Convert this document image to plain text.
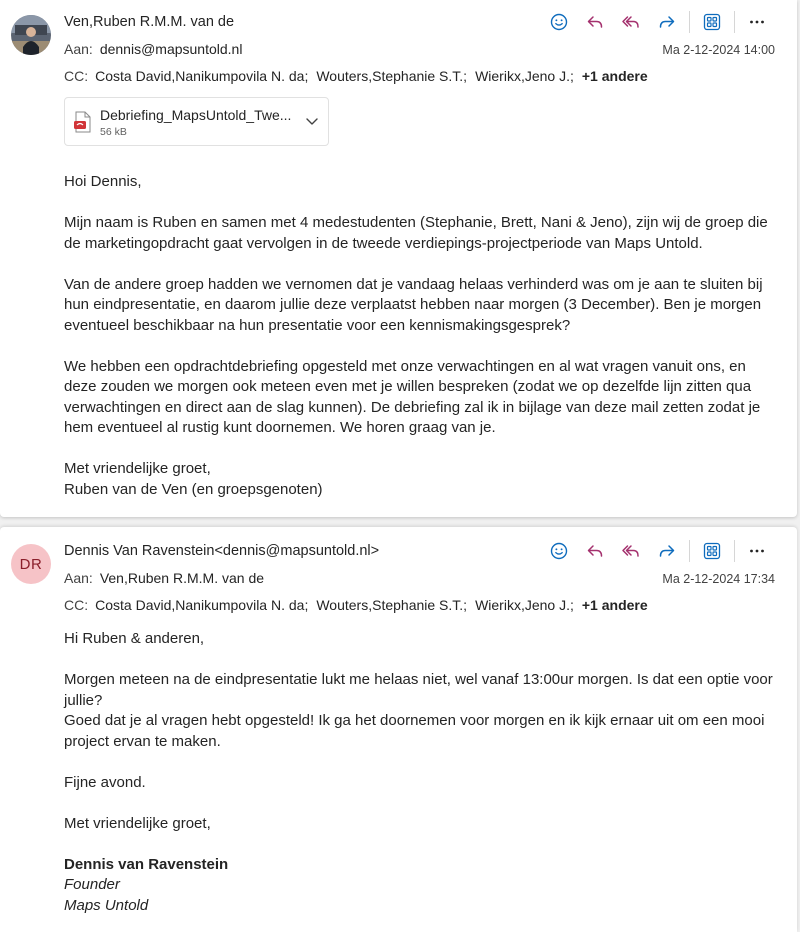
Ven,Ruben R.M.M. van de
Aan: dennis@mapsuntold.nl	Ma 2-12-2024 14:00
CC: Costa David,Nanikumpovila N. da; Wouters,Stephanie S.T.; Wierikx,Jeno J.; +1 andere
Debriefing_MapsUntold_Twe...
56 kB

Hoi Dennis,

Mijn naam is Ruben en samen met 4 medestudenten (Stephanie, Brett, Nani & Jeno), zijn wij de groep die de marketingopdracht gaat vervolgen in de tweede verdiepings-projectperiode van Maps Untold.

Van de andere groep hadden we vernomen dat je vandaag helaas verhinderd was om je aan te sluiten bij hun eindpresentatie, en daarom jullie deze verplaatst hebben naar morgen (3 December). Ben je morgen eventueel beschikbaar na hun presentatie voor een kennismakingsgesprek?

We hebben een opdrachtdebriefing opgesteld met onze verwachtingen en al wat vragen vanuit ons, en deze zouden we morgen ook meteen even met je willen bespreken (zodat we op dezelfde lijn zitten qua verwachtingen en direct aan de slag kunnen). De debriefing zal ik in bijlage van deze mail zetten zodat je hem eventueel al rustig kunt doornemen. We horen graag van je.

Met vriendelijke groet,

Ruben van de Ven (en groepsgenoten)

DR
Dennis Van Ravenstein<dennis@mapsuntold.nl>
Aan: Ven,Ruben R.M.M. van de	Ma 2-12-2024 17:34
CC: Costa David,Nanikumpovila N. da; Wouters,Stephanie S.T.; Wierikx,Jeno J.; +1 andere

Hi Ruben & anderen,

Morgen meteen na de eindpresentatie lukt me helaas niet, wel vanaf 13:00ur morgen. Is dat een optie voor jullie?

Goed dat je al vragen hebt opgesteld! Ik ga het doornemen voor morgen en ik kijk ernaar uit om een mooi project ervan te maken.

Fijne avond.

Met vriendelijke groet,

Dennis van Ravenstein
Founder
Maps Untold
